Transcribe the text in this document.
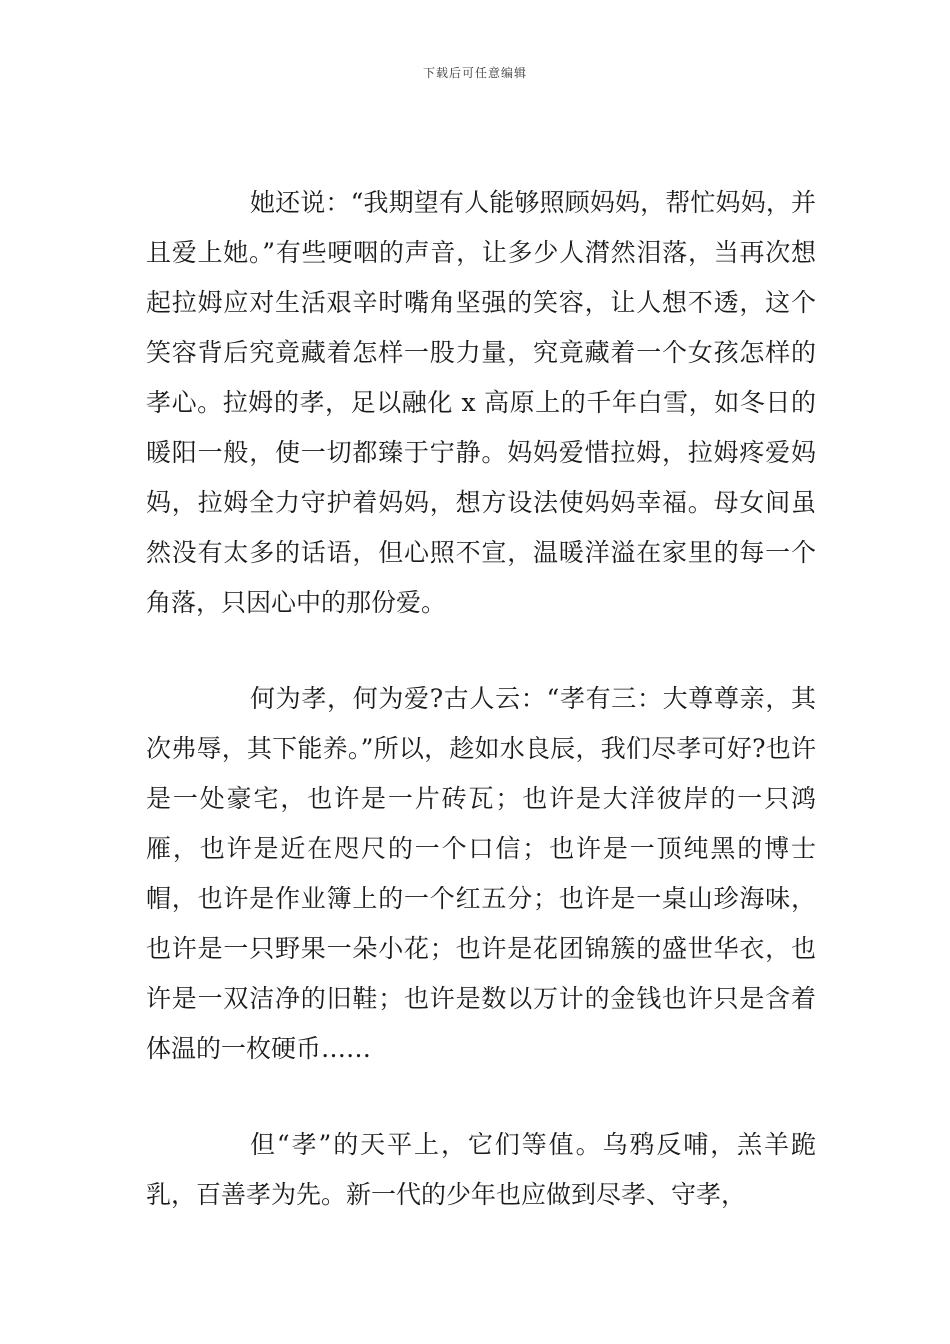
下载后可任意编辑

她还说：“我期望有人能够照顾妈妈，帮忙妈妈，并且爱上她。”有些哽咽的声音，让多少人潸然泪落，当再次想起拉姆应对生活艰辛时嘴角坚强的笑容，让人想不透，这个笑容背后究竟藏着怎样一股力量，究竟藏着一个女孩怎样的孝心。拉姆的孝，足以融化 x 高原上的千年白雪，如冬日的暖阳一般，使一切都臻于宁静。妈妈爱惜拉姆，拉姆疼爱妈妈，拉姆全力守护着妈妈，想方设法使妈妈幸福。母女间虽然没有太多的话语，但心照不宣，温暖洋溢在家里的每一个角落，只因心中的那份爱。

何为孝，何为爱?古人云：“孝有三：大尊尊亲，其次弗辱，其下能养。”所以，趁如水良辰，我们尽孝可好?也许是一处豪宅，也许是一片砖瓦；也许是大洋彼岸的一只鸿雁，也许是近在咫尺的一个口信；也许是一顶纯黑的博士帽，也许是作业簿上的一个红五分；也许是一桌山珍海味，也许是一只野果一朵小花；也许是花团锦簇的盛世华衣，也许是一双洁净的旧鞋；也许是数以万计的金钱也许只是含着体温的一枚硬币……

但“孝”的天平上，它们等值。乌鸦反哺，羔羊跪乳，百善孝为先。新一代的少年也应做到尽孝、守孝，
